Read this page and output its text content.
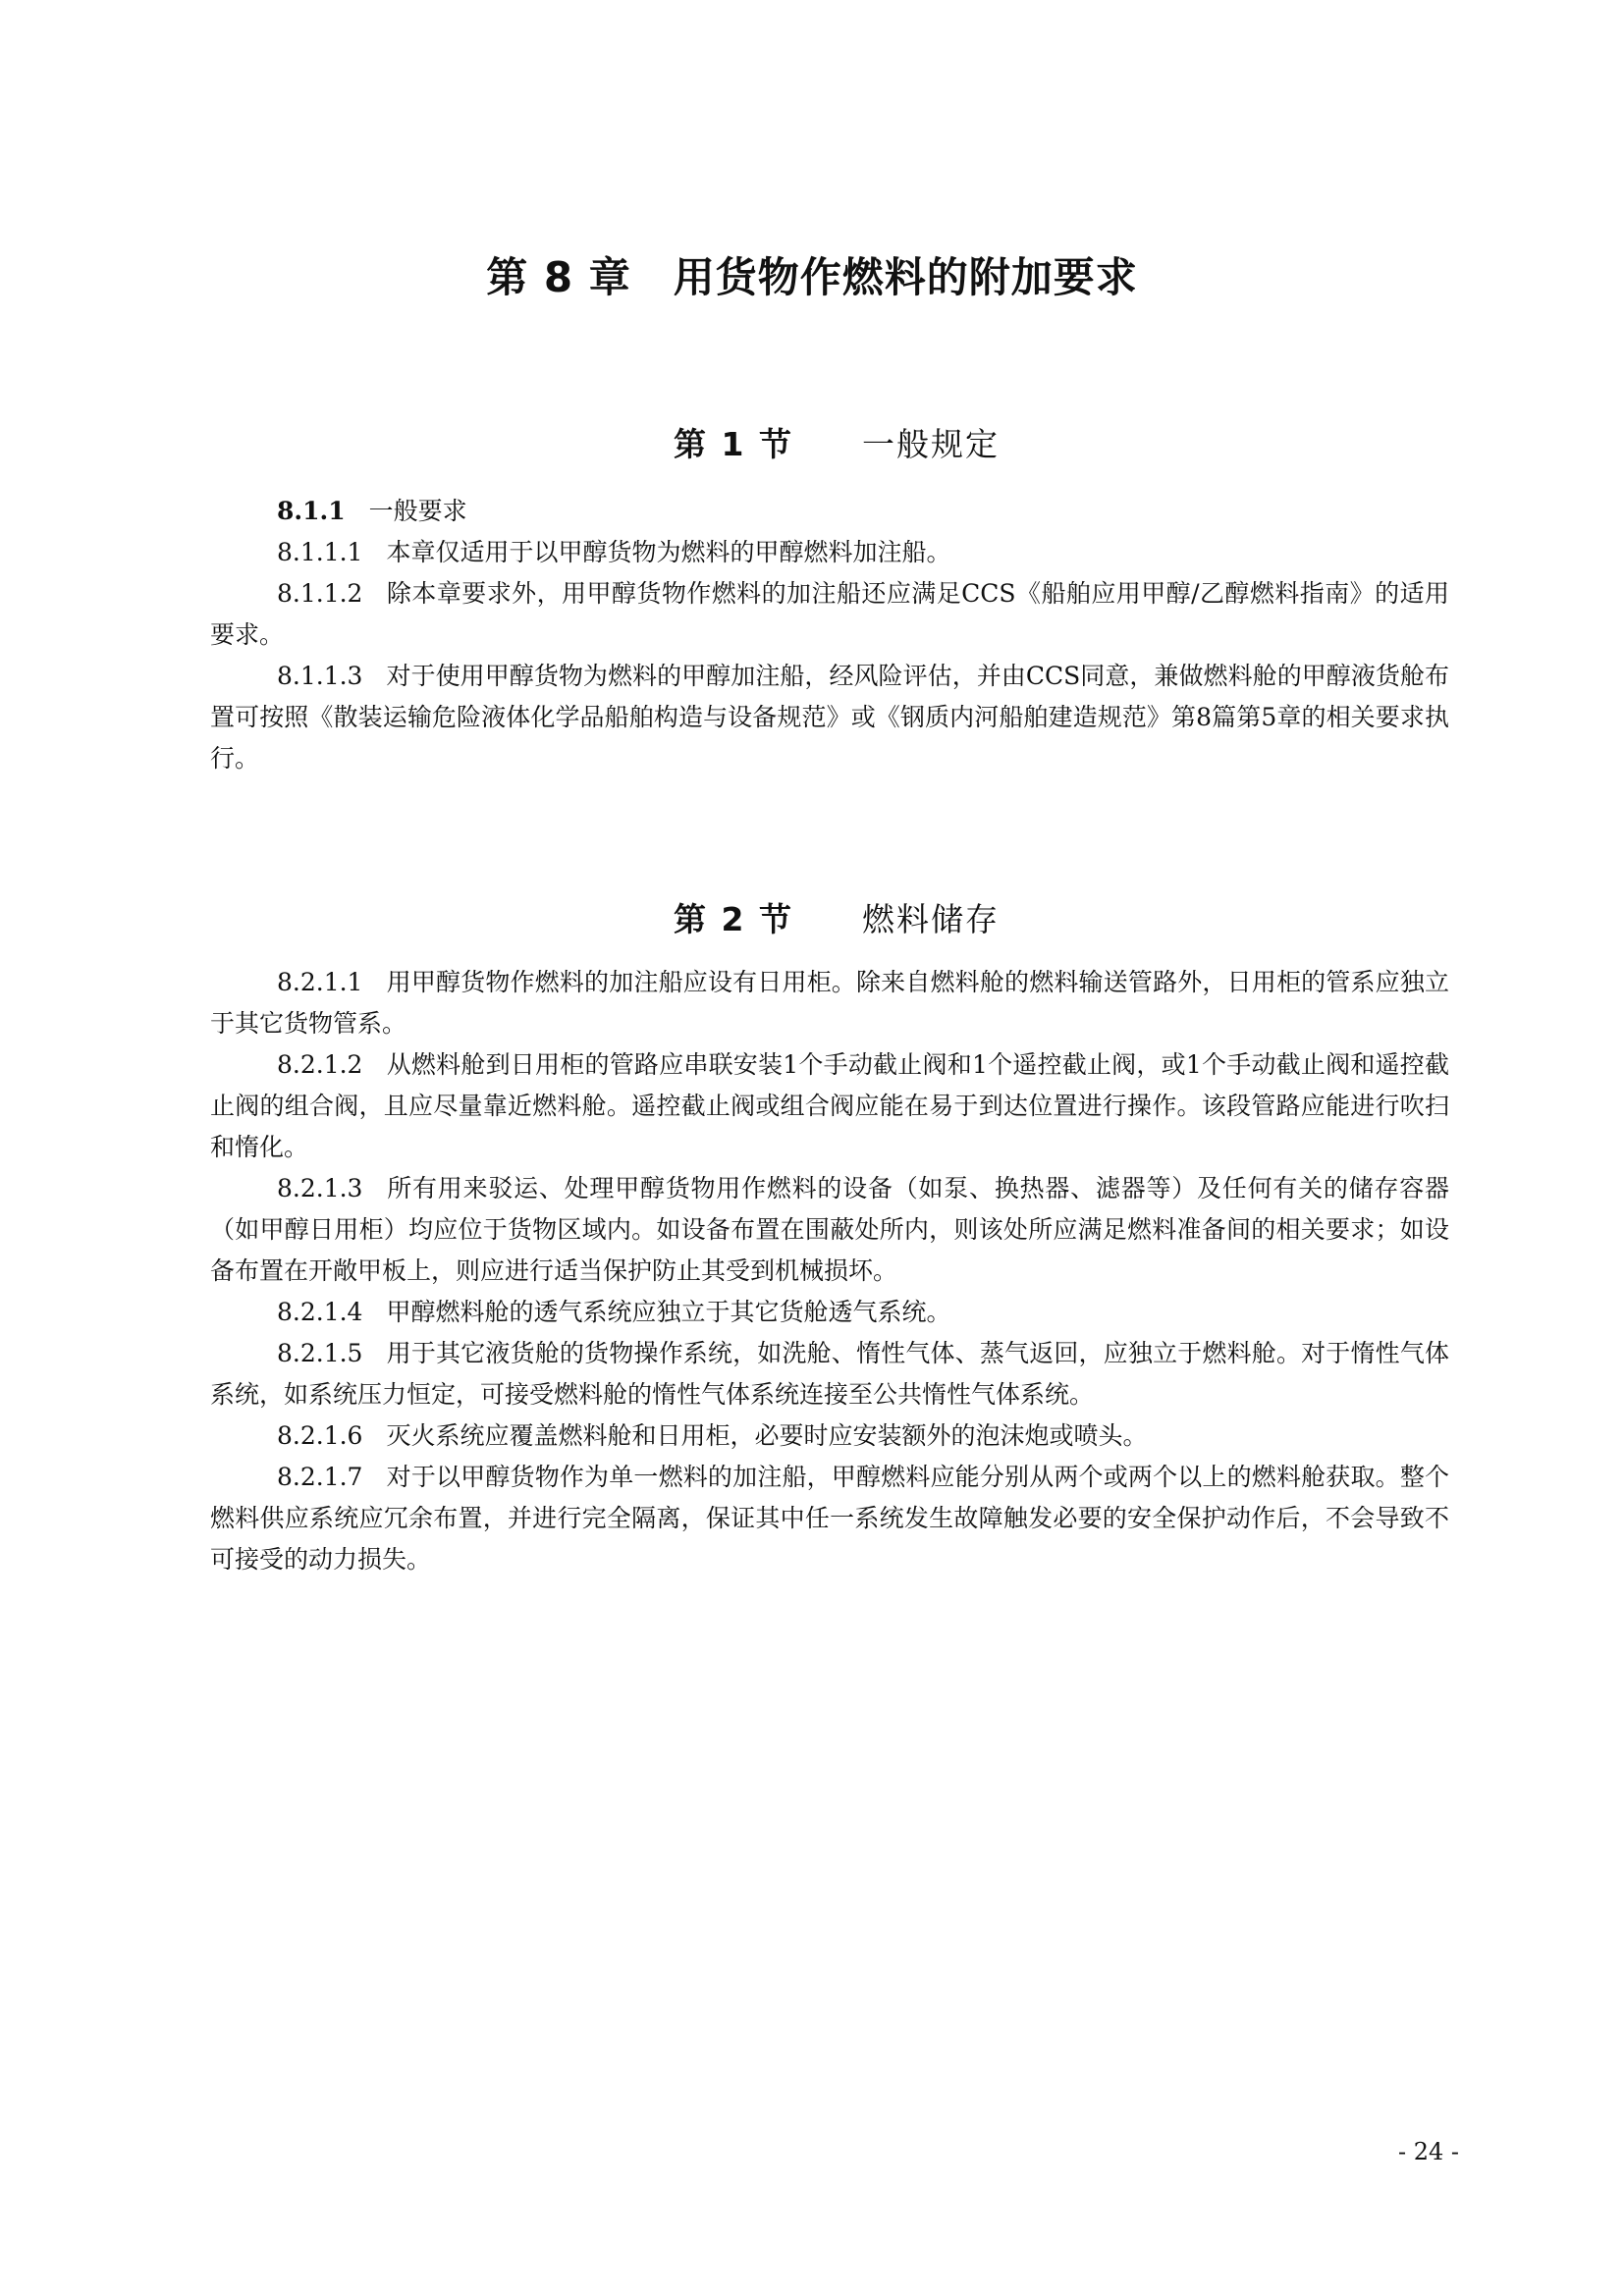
第 8 章　用货物作燃料的附加要求

第 1 节　　 一般规定

8.1.1 一般要求

8.1.1.1 本章仅适用于以甲醇货物为燃料的甲醇燃料加注船。

8.1.1.2 除本章要求外，用甲醇货物作燃料的加注船还应满足CCS《船舶应用甲醇/乙醇燃料指南》的适用要求。

8.1.1.3 对于使用甲醇货物为燃料的甲醇加注船，经风险评估，并由CCS同意，兼做燃料舱的甲醇液货舱布置可按照《散装运输危险液体化学品船舶构造与设备规范》或《钢质内河船舶建造规范》第8篇第5章的相关要求执行。

第 2 节　　 燃料储存

8.2.1.1 用甲醇货物作燃料的加注船应设有日用柜。除来自燃料舱的燃料输送管路外，日用柜的管系应独立于其它货物管系。

8.2.1.2 从燃料舱到日用柜的管路应串联安装1个手动截止阀和1个遥控截止阀，或1个手动截止阀和遥控截止阀的组合阀，且应尽量靠近燃料舱。遥控截止阀或组合阀应能在易于到达位置进行操作。该段管路应能进行吹扫和惰化。

8.2.1.3 所有用来驳运、处理甲醇货物用作燃料的设备（如泵、换热器、滤器等）及任何有关的储存容器（如甲醇日用柜）均应位于货物区域内。如设备布置在围蔽处所内，则该处所应满足燃料准备间的相关要求；如设备布置在开敞甲板上，则应进行适当保护防止其受到机械损坏。

8.2.1.4 甲醇燃料舱的透气系统应独立于其它货舱透气系统。

8.2.1.5 用于其它液货舱的货物操作系统，如洗舱、惰性气体、蒸气返回，应独立于燃料舱。对于惰性气体系统，如系统压力恒定，可接受燃料舱的惰性气体系统连接至公共惰性气体系统。

8.2.1.6 灭火系统应覆盖燃料舱和日用柜，必要时应安装额外的泡沫炮或喷头。

8.2.1.7 对于以甲醇货物作为单一燃料的加注船，甲醇燃料应能分别从两个或两个以上的燃料舱获取。整个燃料供应系统应冗余布置，并进行完全隔离，保证其中任一系统发生故障触发必要的安全保护动作后，不会导致不可接受的动力损失。

- 24 -
